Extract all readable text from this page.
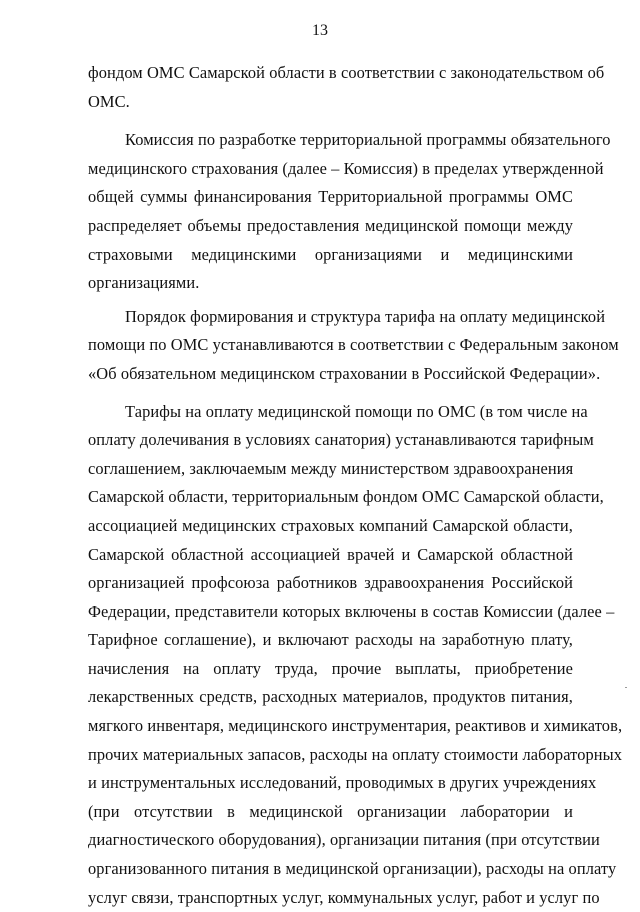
13
фондом ОМС Самарской области в соответствии с законодательством об
ОМС.
Комиссия по разработке территориальной программы обязательного
медицинского страхования (далее – Комиссия) в пределах утвержденной
общей суммы финансирования Территориальной программы ОМС
распределяет объемы предоставления медицинской помощи между
страховыми медицинскими организациями и медицинскими
организациями.
Порядок формирования и структура тарифа на оплату медицинской
помощи по ОМС устанавливаются в соответствии с Федеральным законом
«Об обязательном медицинском страховании в Российской Федерации».
Тарифы на оплату медицинской помощи по ОМС (в том числе на
оплату долечивания в условиях санатория) устанавливаются тарифным
соглашением, заключаемым между министерством здравоохранения
Самарской области, территориальным фондом ОМС Самарской области,
ассоциацией медицинских страховых компаний Самарской области,
Самарской областной ассоциацией врачей и Самарской областной
организацией профсоюза работников здравоохранения Российской
Федерации, представители которых включены в состав Комиссии (далее –
Тарифное соглашение), и включают расходы на заработную плату,
начисления на оплату труда, прочие выплаты, приобретение
лекарственных средств, расходных материалов, продуктов питания,
мягкого инвентаря, медицинского инструментария, реактивов и химикатов,
прочих материальных запасов, расходы на оплату стоимости лабораторных
и инструментальных исследований, проводимых в других учреждениях
(при отсутствии в медицинской организации лаборатории и
диагностического оборудования), организации питания (при отсутствии
организованного питания в медицинской организации), расходы на оплату
услуг связи, транспортных услуг, коммунальных услуг, работ и услуг по
